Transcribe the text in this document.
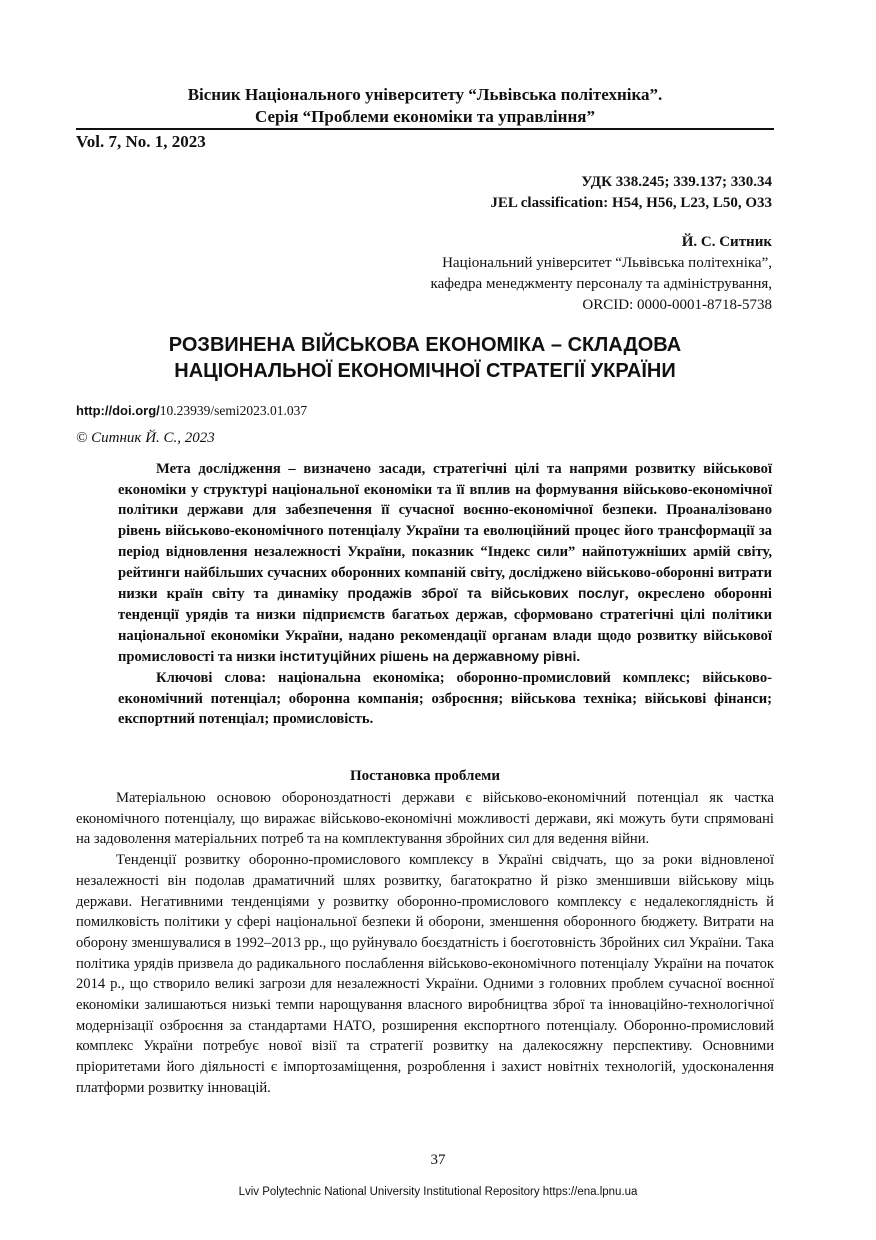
Вісник Національного університету “Львівська політехніка”.
Серія “Проблеми економіки та управління”
Vol. 7, No. 1, 2023
УДК 338.245; 339.137; 330.34
JEL classification: H54, H56, L23, L50, O33
Й. С. Ситник
Національний університет “Львівська політехніка”,
кафедра менеджменту персоналу та адміністрування,
ORCID: 0000-0001-8718-5738
РОЗВИНЕНА ВІЙСЬКОВА ЕКОНОМІКА – СКЛАДОВА
НАЦІОНАЛЬНОЇ ЕКОНОМІЧНОЇ СТРАТЕГІЇ УКРАЇНИ
http://doi.org/10.23939/semi2023.01.037
© Ситник Й. С., 2023

Мета дослідження – визначено засади, стратегічні цілі та напрями розвитку військової економіки у структурі національної економіки та її вплив на формування військово-економічної політики держави для забезпечення її сучасної воєнно-економічної безпеки. Проаналізовано рівень військово-економічного потенціалу України та еволюційний процес його трансформації за період відновлення незалежності України, показник “Індекс сили” найпотужніших армій світу, рейтинги найбільших сучасних оборонних компаній світу, досліджено військово-оборонні витрати низки країн світу та динаміку продажів зброї та військових послуг, окреслено оборонні тенденції урядів та низки підприємств багатьох держав, сформовано стратегічні цілі політики національної економіки України, надано рекомендації органам влади щодо розвитку військової промисловості та низки інституційних рішень на державному рівні.

Ключові слова: національна економіка; оборонно-промисловий комплекс; військово-економічний потенціал; оборонна компанія; озброєння; військова техніка; військові фінанси; експортний потенціал; промисловість.

Постановка проблеми

Матеріальною основою обороноздатності держави є військово-економічний потенціал як частка економічного потенціалу, що виражає військово-економічні можливості держави, які можуть бути спрямовані на задоволення матеріальних потреб та на комплектування збройних сил для ведення війни.

Тенденції розвитку оборонно-промислового комплексу в Україні свідчать, що за роки відновленої незалежності він подолав драматичний шлях розвитку, багатократно й різко зменшивши військову міць держави. Негативними тенденціями у розвитку оборонно-промислового комплексу є недалекоглядність й помилковість політики у сфері національної безпеки й оборони, зменшення оборонного бюджету. Витрати на оборону зменшувалися в 1992–2013 рр., що руйнувало боєздатність і боєготовність Збройних сил України. Така політика урядів призвела до радикального послаблення військово-економічного потенціалу України на початок 2014 р., що створило великі загрози для незалежності України. Одними з головних проблем сучасної воєнної економіки залишаються низькі темпи нарощування власного виробництва зброї та інноваційно-технологічної модернізації озброєння за стандартами НАТО, розширення експортного потенціалу. Оборонно-промисловий комплекс України потребує нової візії та стратегії розвитку на далекосяжну перспективу. Основними пріоритетами його діяльності є імпортозаміщення, розроблення і захист новітніх технологій, удосконалення платформи розвитку інновацій.

37
Lviv Polytechnic National University Institutional Repository https://ena.lpnu.ua
